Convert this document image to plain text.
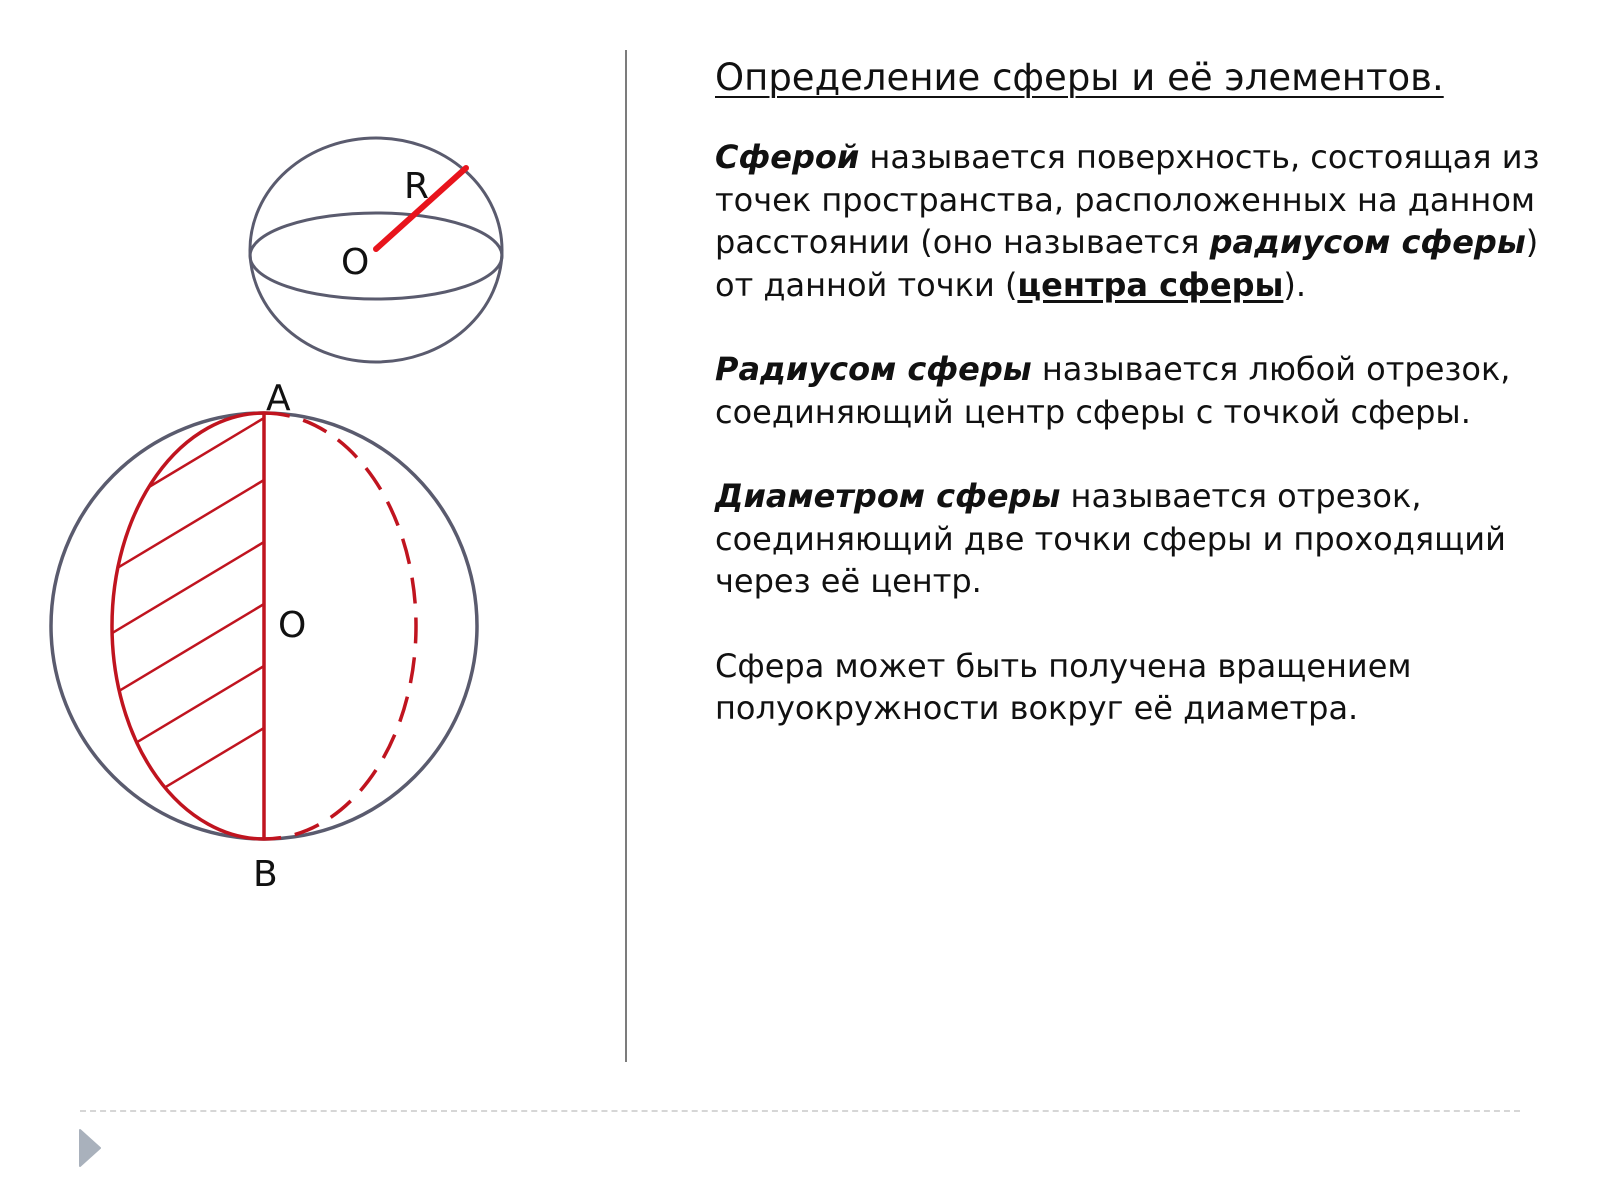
R
O
A
O
B
Определение сферы и её элементов.

Сферой называется поверхность, состоящая из точек пространства, расположенных на данном расстоянии (оно называется радиусом сферы) от данной точки (центра сферы).

Радиусом сферы называется любой отрезок, соединяющий центр сферы с точкой сферы.

Диаметром сферы называется отрезок, соединяющий две точки сферы и проходящий через её центр.

Сфера может быть получена вращением полуокружности вокруг её диаметра.
